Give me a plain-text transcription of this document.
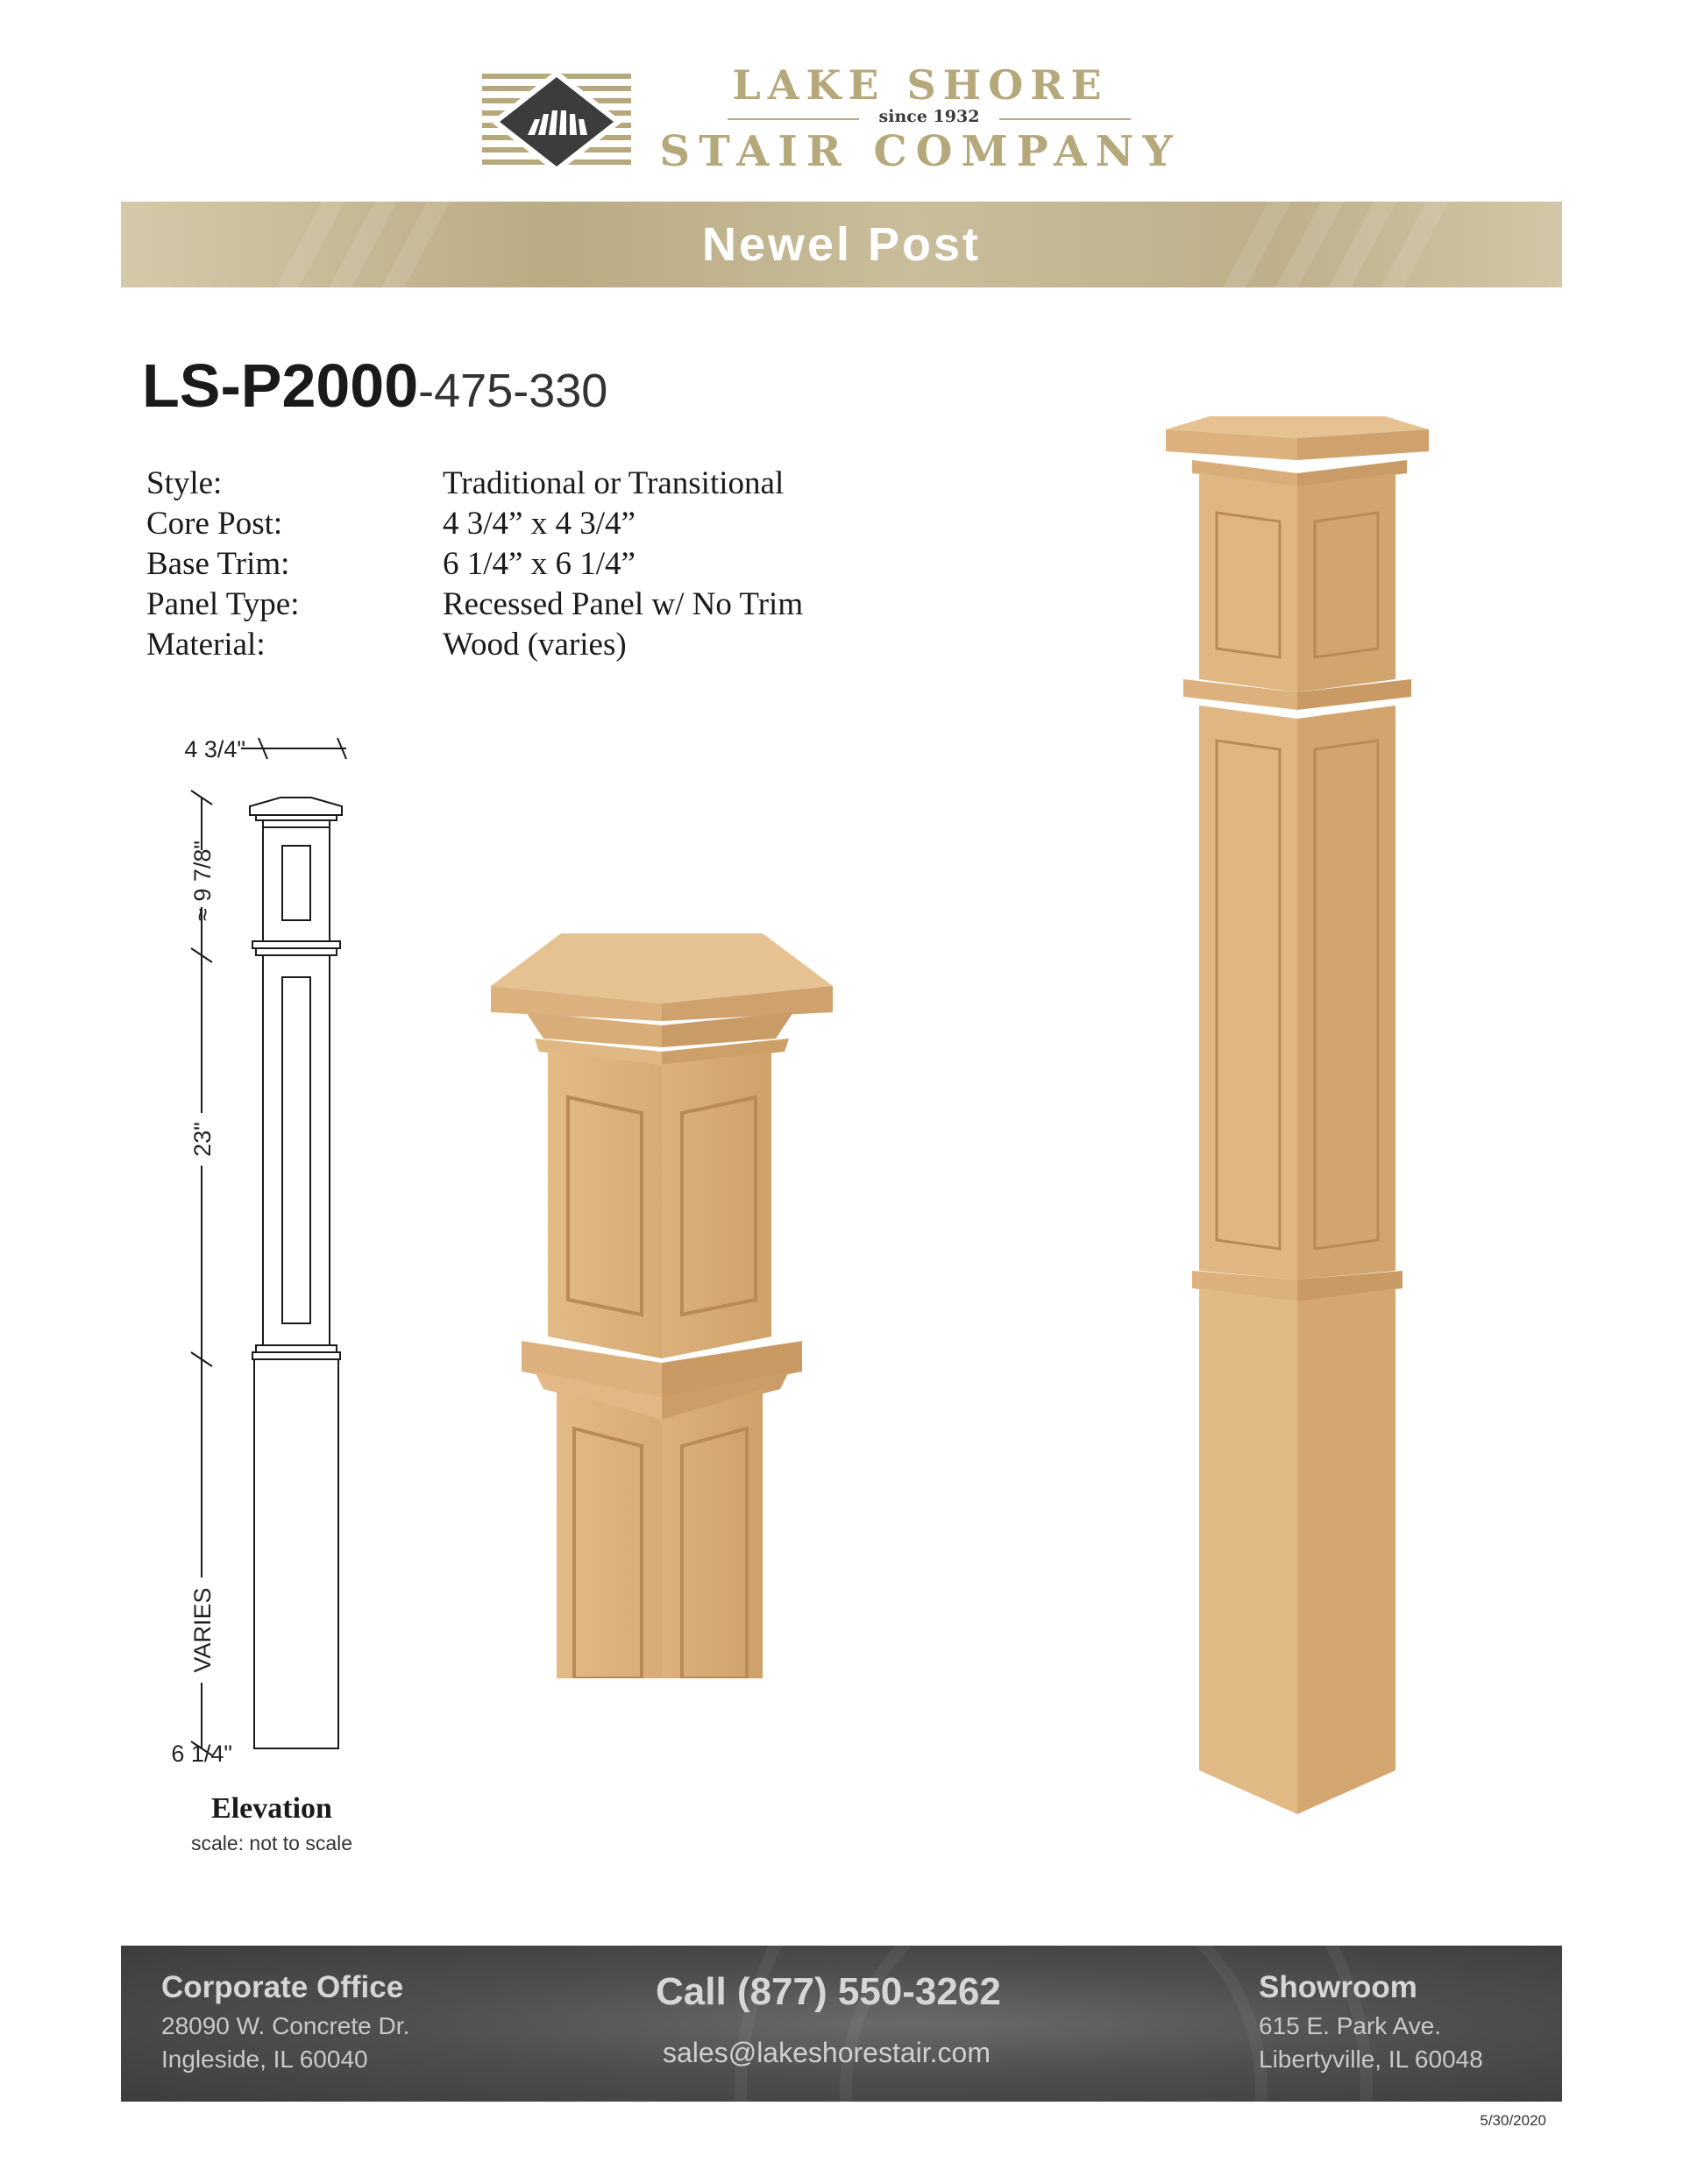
LAKE SHORE
since 1932
STAIR COMPANY
Newel Post
LS-P2000-475-330
Style:	Traditional or Transitional
Core Post:	4 3/4” x 4 3/4”
Base Trim:	6 1/4” x 6 1/4”
Panel Type:	Recessed Panel w/ No Trim
Material:	Wood (varies)
4 3/4"
≈ 9 7/8"
23"
VARIES
6 1/4"
Elevation
scale: not to scale
Corporate Office
28090 W. Concrete Dr.
Ingleside, IL 60040
Call (877) 550-3262
sales@lakeshorestair.com
Showroom
615 E. Park Ave.
Libertyville, IL 60048
5/30/2020
